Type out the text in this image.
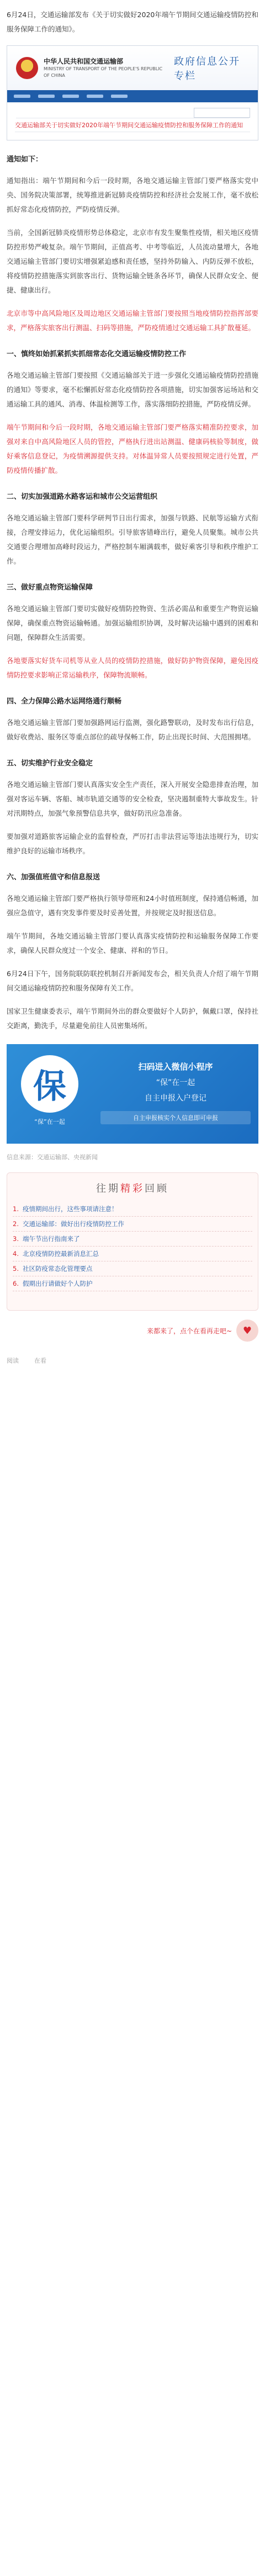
6月24日，交通运输部发布《关于切实做好2020年端午节期间交通运输疫情防控和服务保障工作的通知》。

中华人民共和国交通运输部
MINISTRY OF TRANSPORT OF THE PEOPLE'S REPUBLIC OF CHINA
政府信息公开专栏
交通运输部关于切实做好2020年端午节期间交通运输疫情防控和服务保障工作的通知
通知如下：

通知指出：端午节期间和今后一段时期，各地交通运输主管部门要严格落实党中央、国务院决策部署，统筹推进新冠肺炎疫情防控和经济社会发展工作，毫不放松抓好常态化疫情防控，严防疫情反弹。

当前，全国新冠肺炎疫情形势总体稳定，北京市有发生聚集性疫情，相关地区疫情防控形势严峻复杂。端午节期间，正值高考、中考等临近，人员流动量增大，各地交通运输主管部门要切实增强紧迫感和责任感，坚持外防输入、内防反弹不放松，将疫情防控措施落实到旅客出行、货物运输全链条各环节，确保人民群众安全、便捷、健康出行。

北京市等中高风险地区及周边地区交通运输主管部门要按照当地疫情防控指挥部要求，严格落实旅客出行测温、扫码等措施，严防疫情通过交通运输工具扩散蔓延。

一、慎终如始抓紧抓实抓细常态化交通运输疫情防控工作

各地交通运输主管部门要按照《交通运输部关于进一步强化交通运输疫情防控措施的通知》等要求，毫不松懈抓好常态化疫情防控各项措施，切实加强客运场站和交通运输工具的通风、消毒、体温检测等工作，落实落细防控措施，严防疫情反弹。

端午节期间和今后一段时期，各地交通运输主管部门要严格落实精准防控要求，加强对来自中高风险地区人员的管控，严格执行进出站测温、健康码核验等制度，做好乘客信息登记，为疫情溯源提供支持。对体温异常人员要按照规定进行处置，严防疫情传播扩散。

二、切实加强道路水路客运和城市公交运营组织

各地交通运输主管部门要科学研判节日出行需求，加强与铁路、民航等运输方式衔接，合理安排运力，优化运输组织。引导旅客错峰出行，避免人员聚集。城市公共交通要合理增加高峰时段运力，严格控制车厢满载率，做好乘客引导和秩序维护工作。

三、做好重点物资运输保障

各地交通运输主管部门要切实做好疫情防控物资、生活必需品和重要生产物资运输保障，确保重点物资运输畅通。加强运输组织协调，及时解决运输中遇到的困难和问题，保障群众生活需要。

各地要落实好货车司机等从业人员的疫情防控措施，做好防护物资保障，避免因疫情防控要求影响正常运输秩序，保障物流顺畅。

四、全力保障公路水运网络通行顺畅

各地交通运输主管部门要加强路网运行监测，强化路警联动，及时发布出行信息，做好收费站、服务区等重点部位的疏导保畅工作，防止出现长时间、大范围拥堵。

五、切实维护行业安全稳定

各地交通运输主管部门要认真落实安全生产责任，深入开展安全隐患排查治理，加强对客运车辆、客船、城市轨道交通等的安全检查，坚决遏制重特大事故发生。针对汛期特点，加强气象预警信息共享，做好防汛应急准备。

要加强对道路旅客运输企业的监督检查，严厉打击非法营运等违法违规行为，切实维护良好的运输市场秩序。

六、加强值班值守和信息报送

各地交通运输主管部门要严格执行领导带班和24小时值班制度，保持通信畅通，加强应急值守，遇有突发事件要及时妥善处置，并按规定及时报送信息。

端午节期间，各地交通运输主管部门要认真落实疫情防控和运输服务保障工作要求，确保人民群众度过一个安全、健康、祥和的节日。

6月24日下午，国务院联防联控机制召开新闻发布会，相关负责人介绍了端午节期间交通运输疫情防控和服务保障有关工作。

国家卫生健康委表示，端午节期间外出的群众要做好个人防护，佩戴口罩，保持社交距离，勤洗手，尽量避免前往人员密集场所。

保
“保”在一起
扫码进入微信小程序
“保”在一起
自主申报入户登记
自主申报核实个人信息即可申报
信息来源：交通运输部、央视新闻
往期精彩回顾
1. 疫情期间出行，这些事项请注意！
2. 交通运输部：做好出行疫情防控工作
3. 端午节出行指南来了
4. 北京疫情防控最新消息汇总
5. 社区防疫常态化管理要点
6. 假期出行请做好个人防护
来都来了，点个在看再走吧~	♥
阅读	在看
